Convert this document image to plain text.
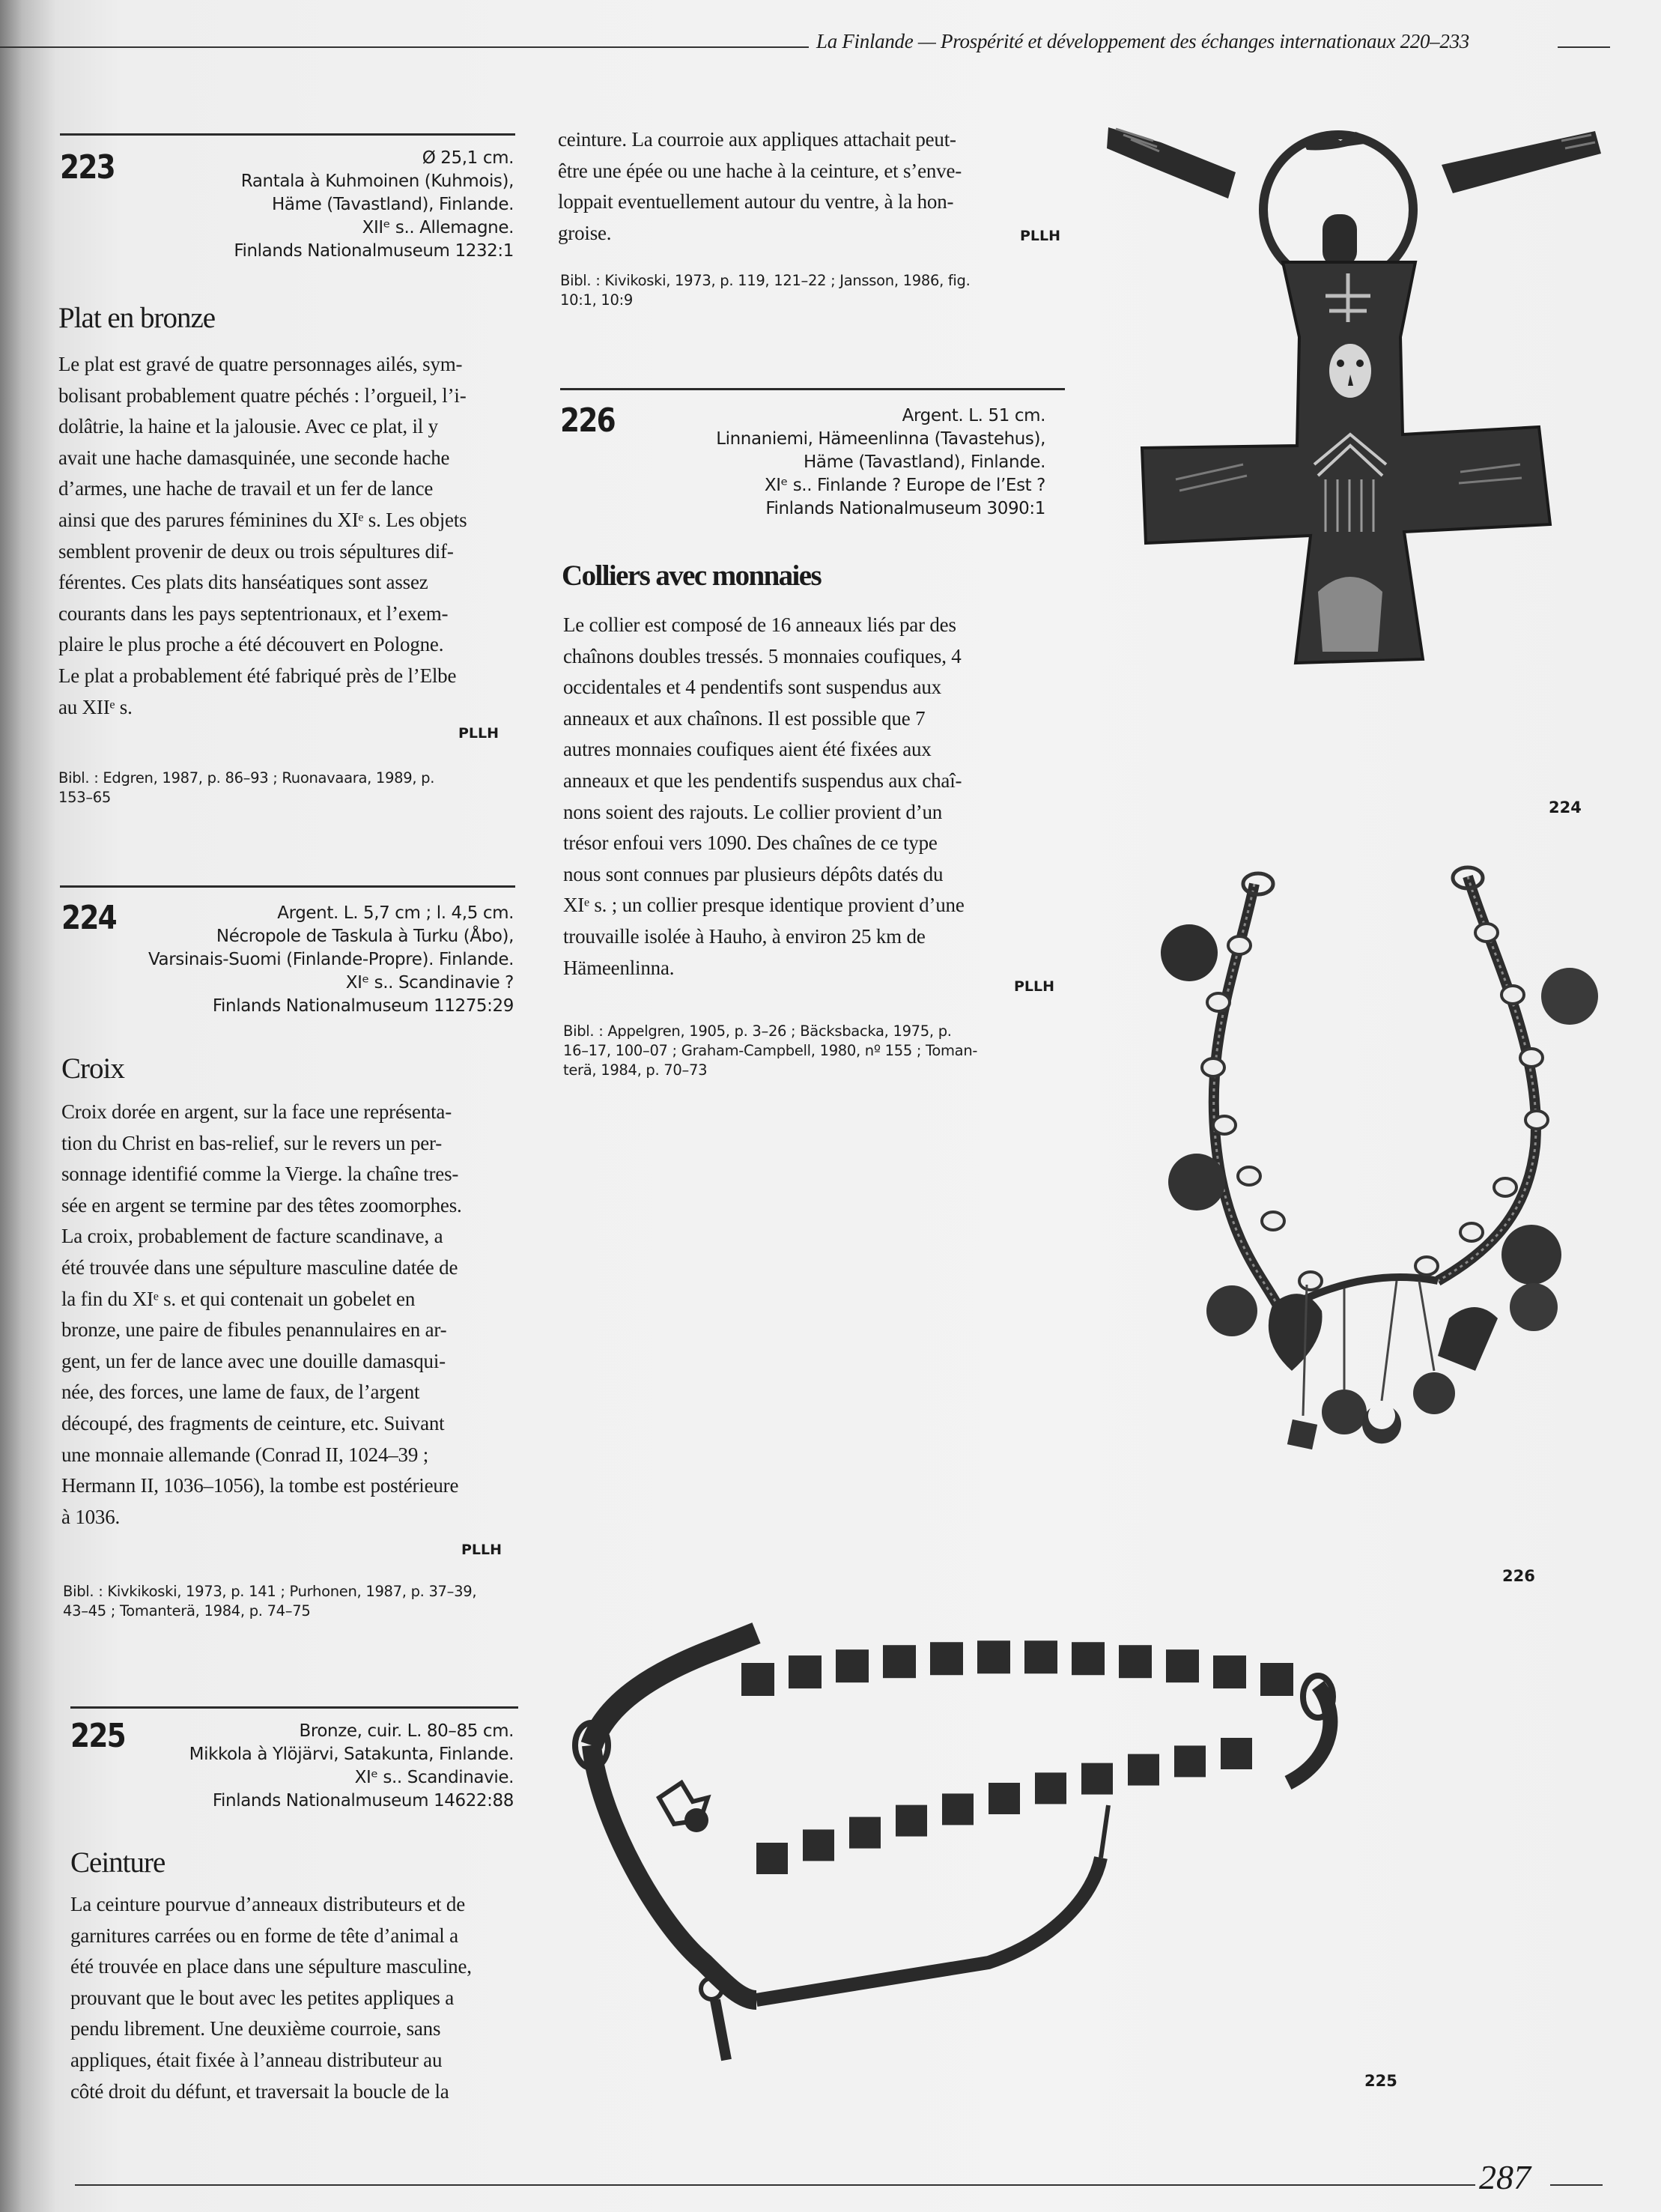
La Finlande — Prospérité et développement des échanges internationaux 220–233
223	Ø 25,1 cm.
Rantala à Kuhmoinen (Kuhmois),
Häme (Tavastland), Finlande.
XIIᵉ s.. Allemagne.
Finlands Nationalmuseum 1232:1
Plat en bronze
Le plat est gravé de quatre personnages ailés, sym-
bolisant probablement quatre péchés : l’orgueil, l’i-
dolâtrie, la haine et la jalousie. Avec ce plat, il y
avait une hache damasquinée, une seconde hache
d’armes, une hache de travail et un fer de lance
ainsi que des parures féminines du XIᵉ s. Les objets
semblent provenir de deux ou trois sépultures dif-
férentes. Ces plats dits hanséatiques sont assez
courants dans les pays septentrionaux, et l’exem-
plaire le plus proche a été découvert en Pologne.
Le plat a probablement été fabriqué près de l’Elbe
au XIIᵉ s.
PLLH
Bibl. : Edgren, 1987, p. 86–93 ; Ruonavaara, 1989, p.
153–65
224	Argent. L. 5,7 cm ; l. 4,5 cm.
Nécropole de Taskula à Turku (Åbo),
Varsinais-Suomi (Finlande-Propre). Finlande.
XIᵉ s.. Scandinavie ?
Finlands Nationalmuseum 11275:29
Croix
Croix dorée en argent, sur la face une représenta-
tion du Christ en bas-relief, sur le revers un per-
sonnage identifié comme la Vierge. la chaîne tres-
sée en argent se termine par des têtes zoomorphes.
La croix, probablement de facture scandinave, a
été trouvée dans une sépulture masculine datée de
la fin du XIᵉ s. et qui contenait un gobelet en
bronze, une paire de fibules penannulaires en ar-
gent, un fer de lance avec une douille damasqui-
née, des forces, une lame de faux, de l’argent
découpé, des fragments de ceinture, etc. Suivant
une monnaie allemande (Conrad II, 1024–39 ;
Hermann II, 1036–1056), la tombe est postérieure
à 1036.
PLLH
Bibl. : Kivkikoski, 1973, p. 141 ; Purhonen, 1987, p. 37–39,
43–45 ; Tomanterä, 1984, p. 74–75
225	Bronze, cuir. L. 80–85 cm.
Mikkola à Ylöjärvi, Satakunta, Finlande.
XIᵉ s.. Scandinavie.
Finlands Nationalmuseum 14622:88
Ceinture
La ceinture pourvue d’anneaux distributeurs et de
garnitures carrées ou en forme de tête d’animal a
été trouvée en place dans une sépulture masculine,
prouvant que le bout avec les petites appliques a
pendu librement. Une deuxième courroie, sans
appliques, était fixée à l’anneau distributeur au
côté droit du défunt, et traversait la boucle de la
ceinture. La courroie aux appliques attachait peut-
être une épée ou une hache à la ceinture, et s’enve-
loppait eventuellement autour du ventre, à la hon-
groise.	PLLH
Bibl. : Kivikoski, 1973, p. 119, 121–22 ; Jansson, 1986, fig.
10:1, 10:9
226	Argent. L. 51 cm.
Linnaniemi, Hämeenlinna (Tavastehus),
Häme (Tavastland), Finlande.
XIᵉ s.. Finlande ? Europe de l’Est ?
Finlands Nationalmuseum 3090:1
Colliers avec monnaies
Le collier est composé de 16 anneaux liés par des
chaînons doubles tressés. 5 monnaies coufiques, 4
occidentales et 4 pendentifs sont suspendus aux
anneaux et aux chaînons. Il est possible que 7
autres monnaies coufiques aient été fixées aux
anneaux et que les pendentifs suspendus aux chaî-
nons soient des rajouts. Le collier provient d’un
trésor enfoui vers 1090. Des chaînes de ce type
nous sont connues par plusieurs dépôts datés du
XIᵉ s. ; un collier presque identique provient d’une
trouvaille isolée à Hauho, à environ 25 km de
Hämeenlinna.
PLLH
Bibl. : Appelgren, 1905, p. 3–26 ; Bäcksbacka, 1975, p.
16–17, 100–07 ; Graham-Campbell, 1980, nº 155 ; Toman-
terä, 1984, p. 70–73
224
226
225
287
